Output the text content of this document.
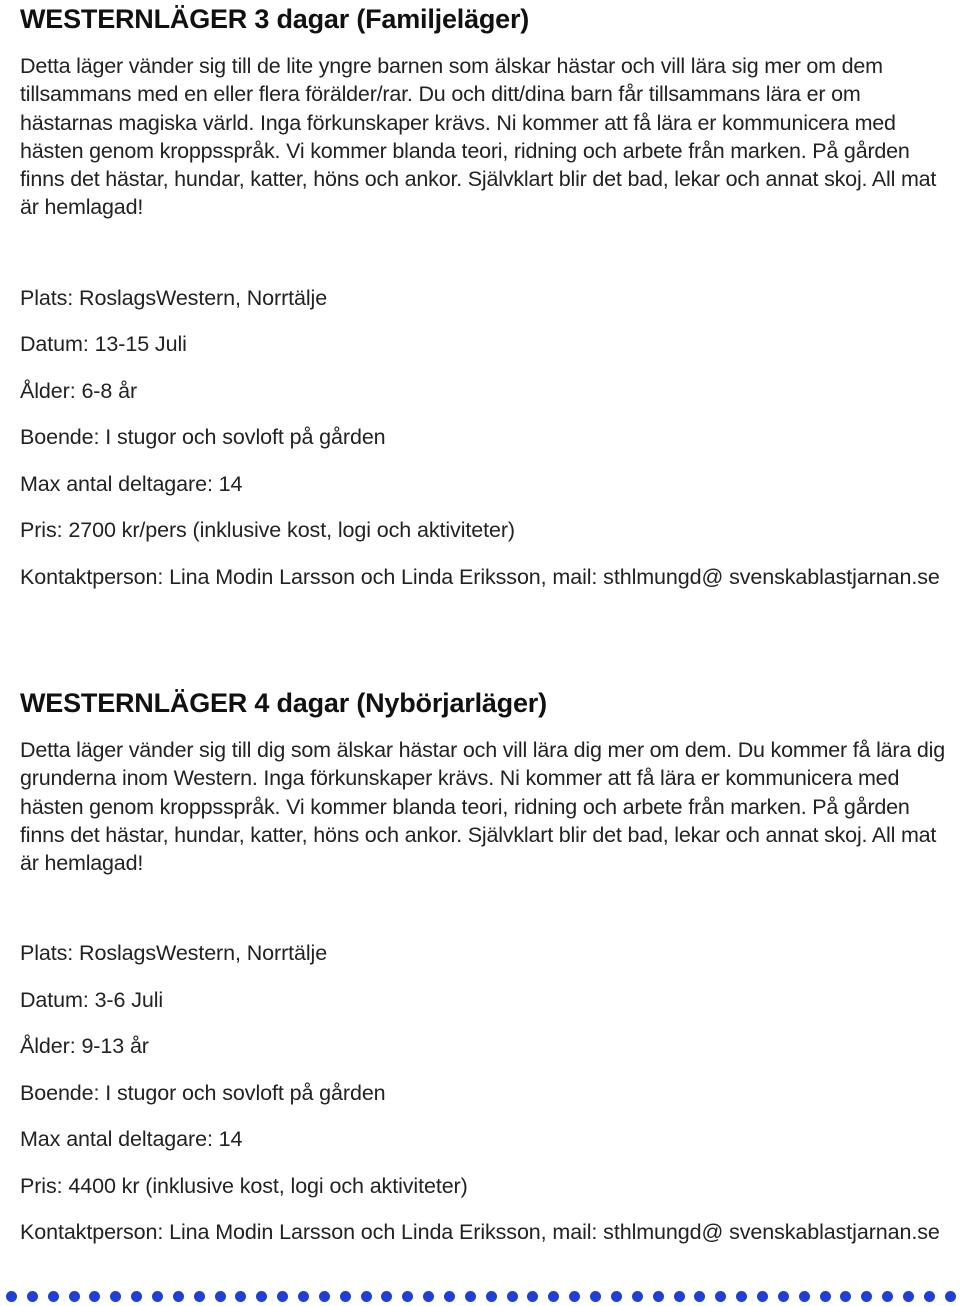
WESTERNLÄGER 3 dagar (Familjeläger)

Detta läger vänder sig till de lite yngre barnen som älskar hästar och vill lära sig mer om dem tillsammans med en eller flera förälder/rar. Du och ditt/dina barn får tillsammans lära er om hästarnas magiska värld. Inga förkunskaper krävs. Ni kommer att få lära er kommunicera med hästen genom kroppsspråk. Vi kommer blanda teori, ridning och arbete från marken. På gården finns det hästar, hundar, katter, höns och ankor. Självklart blir det bad, lekar och annat skoj. All mat är hemlagad!

Plats: RoslagsWestern, Norrtälje

Datum: 13-15 Juli

Ålder: 6-8 år

Boende: I stugor och sovloft på gården

Max antal deltagare: 14

Pris: 2700 kr/pers (inklusive kost, logi och aktiviteter)

Kontaktperson: Lina Modin Larsson och Linda Eriksson, mail: sthlmungd@ svenskablastjarnan.se

WESTERNLÄGER 4 dagar (Nybörjarläger)

Detta läger vänder sig till dig som älskar hästar och vill lära dig mer om dem. Du kommer få lära dig grunderna inom Western. Inga förkunskaper krävs. Ni kommer att få lära er kommunicera med hästen genom kroppsspråk. Vi kommer blanda teori, ridning och arbete från marken. På gården finns det hästar, hundar, katter, höns och ankor. Självklart blir det bad, lekar och annat skoj. All mat är hemlagad!

Plats: RoslagsWestern, Norrtälje

Datum: 3-6 Juli

Ålder: 9-13 år

Boende: I stugor och sovloft på gården

Max antal deltagare: 14

Pris: 4400 kr (inklusive kost, logi och aktiviteter)

Kontaktperson: Lina Modin Larsson och Linda Eriksson, mail: sthlmungd@ svenskablastjarnan.se
